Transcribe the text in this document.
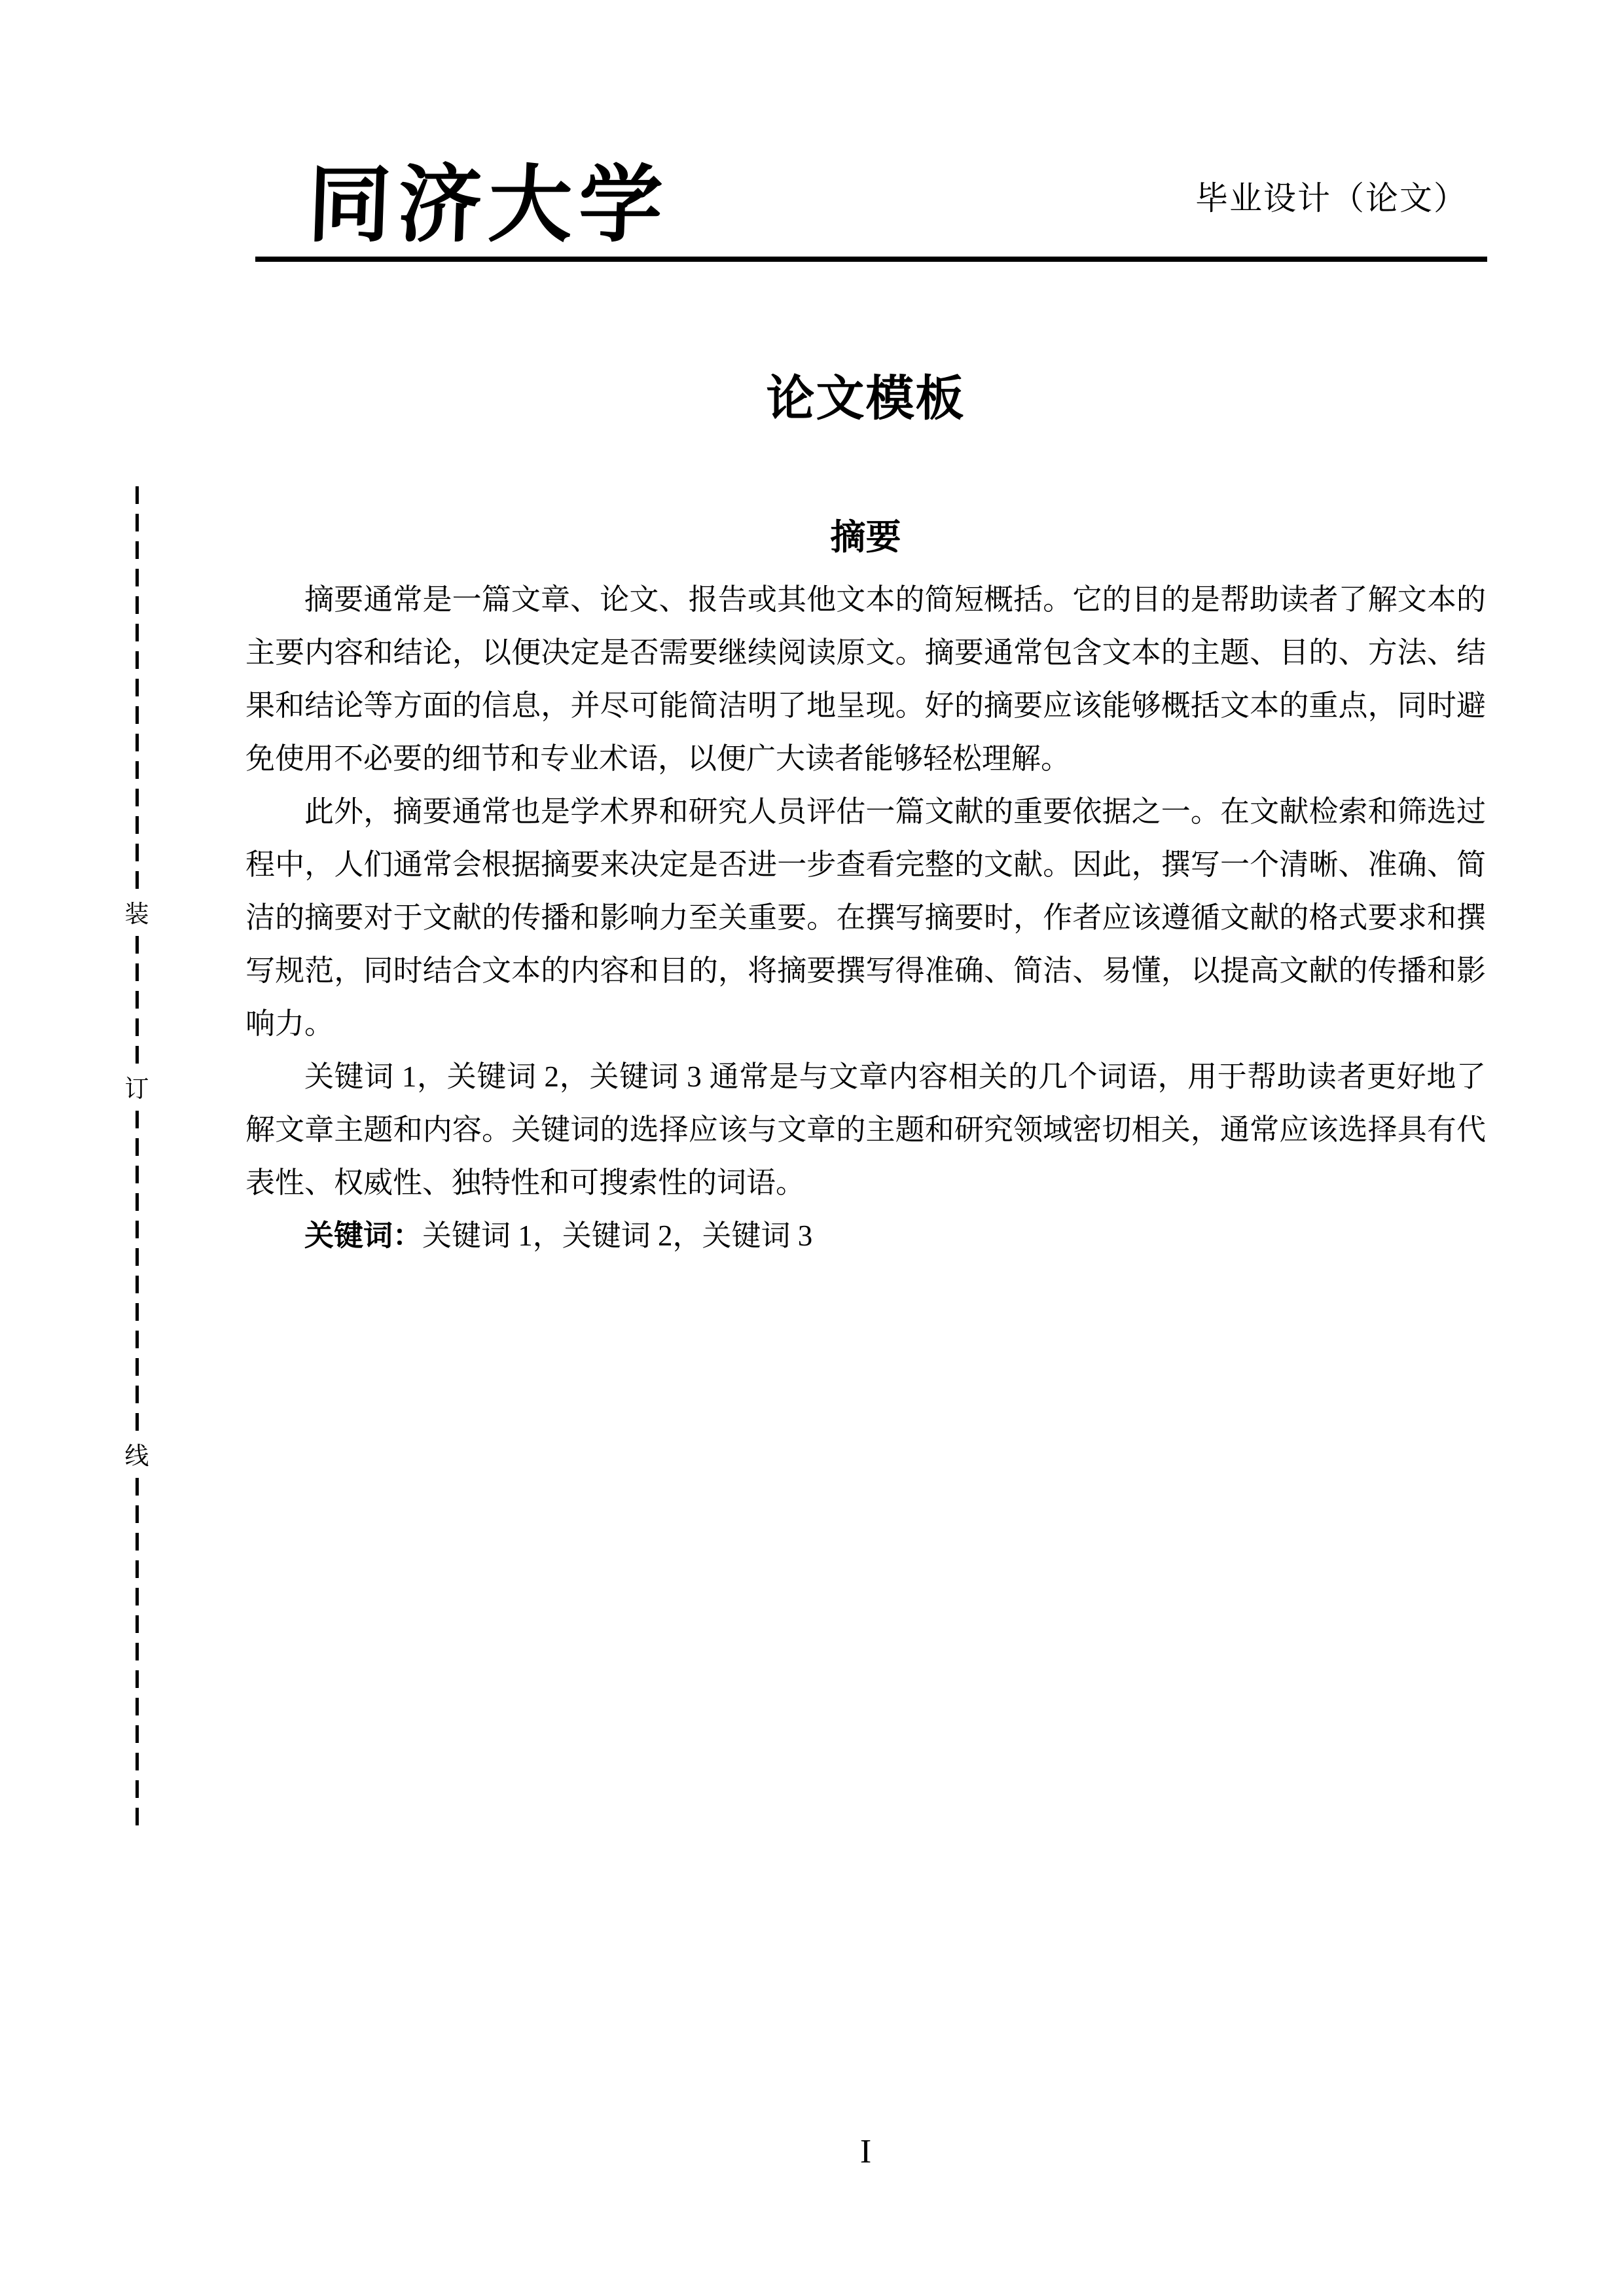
同济大学	毕业设计（论文）
装
订
线
论文模板
摘要

摘要通常是一篇文章、论文、报告或其他文本的简短概括。它的目的是帮助读者了解文本的主要内容和结论，以便决定是否需要继续阅读原文。摘要通常包含文本的主题、目的、方法、结果和结论等方面的信息，并尽可能简洁明了地呈现。好的摘要应该能够概括文本的重点，同时避免使用不必要的细节和专业术语，以便广大读者能够轻松理解。

此外，摘要通常也是学术界和研究人员评估一篇文献的重要依据之一。在文献检索和筛选过程中，人们通常会根据摘要来决定是否进一步查看完整的文献。因此，撰写一个清晰、准确、简洁的摘要对于文献的传播和影响力至关重要。在撰写摘要时，作者应该遵循文献的格式要求和撰写规范，同时结合文本的内容和目的，将摘要撰写得准确、简洁、易懂，以提高文献的传播和影响力。

关键词 1，关键词 2，关键词 3 通常是与文章内容相关的几个词语，用于帮助读者更好地了解文章主题和内容。关键词的选择应该与文章的主题和研究领域密切相关，通常应该选择具有代表性、权威性、独特性和可搜索性的词语。

关键词：关键词 1，关键词 2，关键词 3

I
